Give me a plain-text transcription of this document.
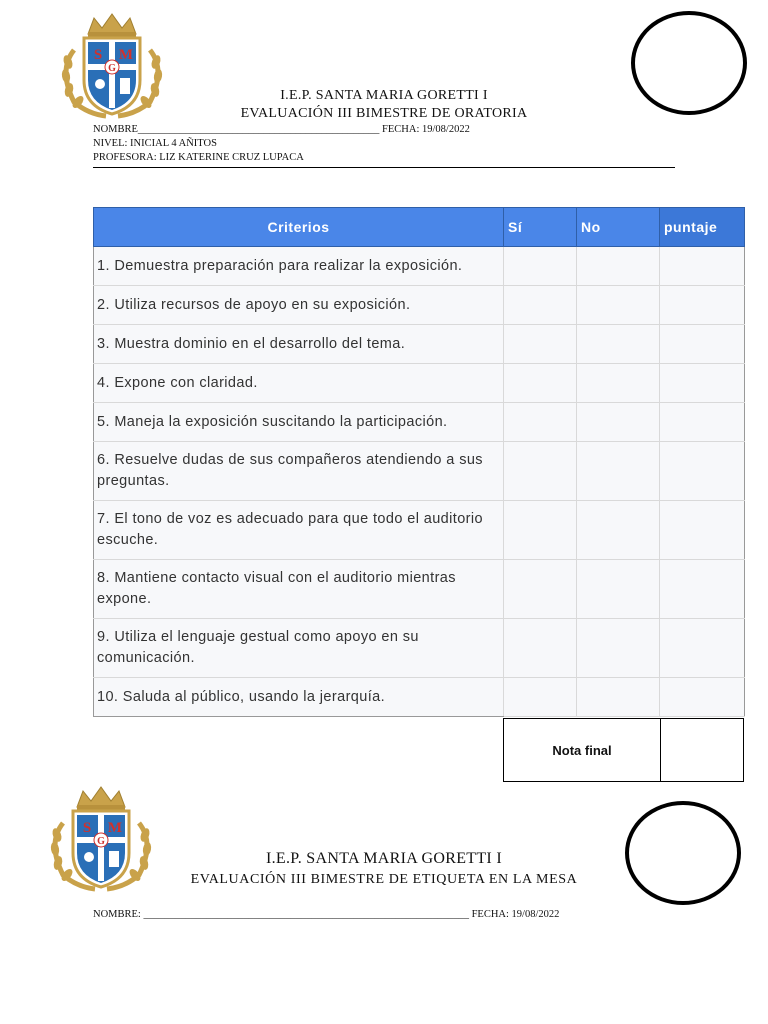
S M
G
I.E.P. SANTA MARIA GORETTI I
EVALUACIÓN III BIMESTRE DE ORATORIA
NOMBRE______________________________________________ FECHA: 19/08/2022
NIVEL: INICIAL 4 AÑITOS
PROFESORA: LIZ KATERINE CRUZ LUPACA
Criterios	Sí	No	puntaje
1. Demuestra preparación para realizar la exposición.			
2. Utiliza recursos de apoyo en su exposición.			
3. Muestra dominio en el desarrollo del tema.			
4. Expone con claridad.			
5. Maneja la exposición suscitando la participación.			
6. Resuelve dudas de sus compañeros atendiendo a sus preguntas.			
7. El tono de voz es adecuado para que todo el auditorio escuche.			
8. Mantiene contacto visual con el auditorio mientras expone.			
9. Utiliza el lenguaje gestual como apoyo en su comunicación.			
10. Saluda al público, usando la jerarquía.			
Nota final
S M
G
I.E.P. SANTA MARIA GORETTI I
EVALUACIÓN III BIMESTRE DE ETIQUETA EN LA MESA
NOMBRE: ______________________________________________________________ FECHA: 19/08/2022
